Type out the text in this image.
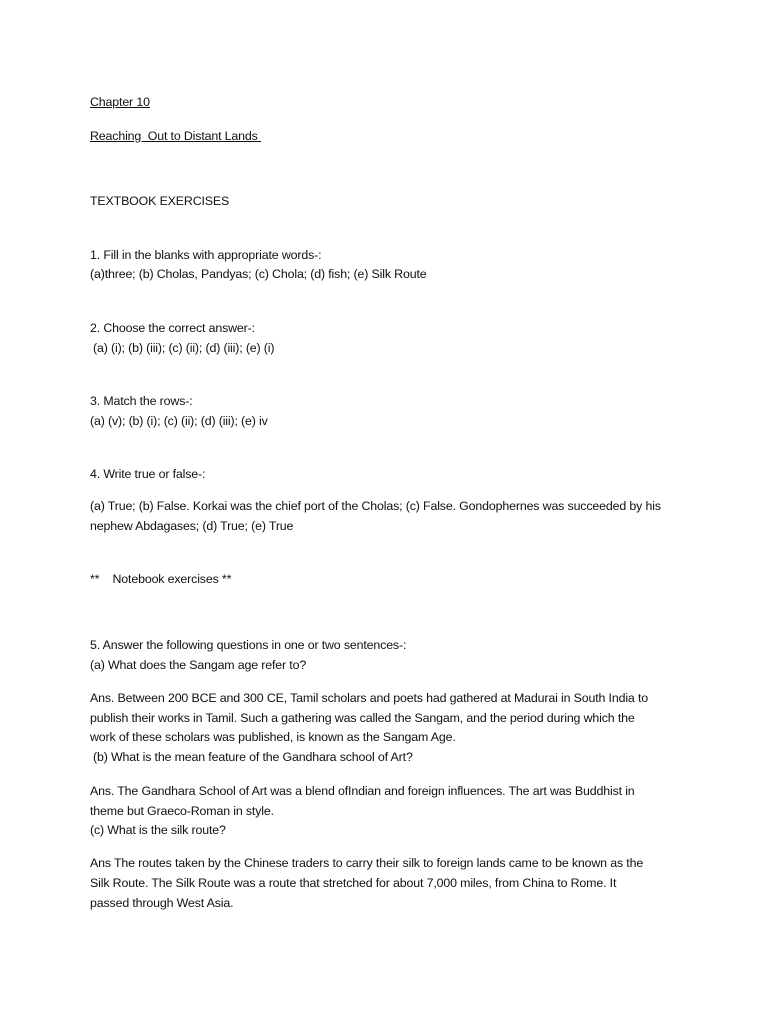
Chapter 10
Reaching  Out to Distant Lands
TEXTBOOK EXERCISES
1. Fill in the blanks with appropriate words-:
(a)three; (b) Cholas, Pandyas; (c) Chola; (d) fish; (e) Silk Route
2. Choose the correct answer-:
(a) (i); (b) (iii); (c) (ii); (d) (iii); (e) (i)
3. Match the rows-:
(a) (v); (b) (i); (c) (ii); (d) (iii); (e) iv
4. Write true or false-:
(a) True; (b) False. Korkai was the chief port of the Cholas; (c) False. Gondophernes was succeeded by his
nephew Abdagases; (d) True; (e) True
**    Notebook exercises **
5. Answer the following questions in one or two sentences-:
(a) What does the Sangam age refer to?
Ans. Between 200 BCE and 300 CE, Tamil scholars and poets had gathered at Madurai in South India to
publish their works in Tamil. Such a gathering was called the Sangam, and the period during which the
work of these scholars was published, is known as the Sangam Age.
(b) What is the mean feature of the Gandhara school of Art?
Ans. The Gandhara School of Art was a blend ofIndian and foreign influences. The art was Buddhist in
theme but Graeco-Roman in style.
(c) What is the silk route?
Ans The routes taken by the Chinese traders to carry their silk to foreign lands came to be known as the
Silk Route. The Silk Route was a route that stretched for about 7,000 miles, from China to Rome. It
passed through West Asia.
